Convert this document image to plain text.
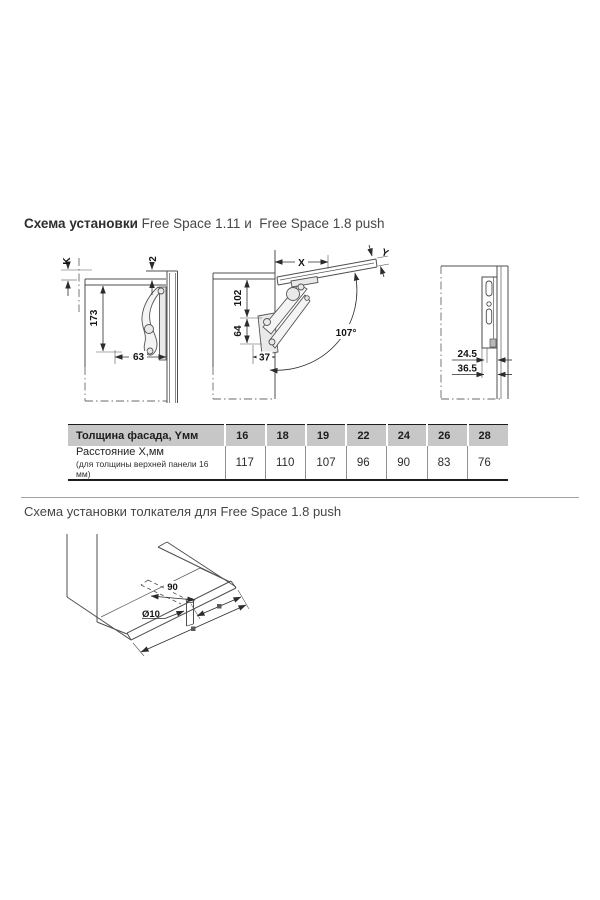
Схема установки Free Space 1.11 и  Free Space 1.8 push
K	2
173
63
X
Y
102
64
37
107°
24.5
36.5
Толщина фасада, Yмм	16	18	19	22	24	26	28

Расстояние X,мм
(для толщины верхней панели 16 мм)	117	110	107	96	90	83	76
Схема установки толкателя для Free Space 1.8 push
90
Ø10
